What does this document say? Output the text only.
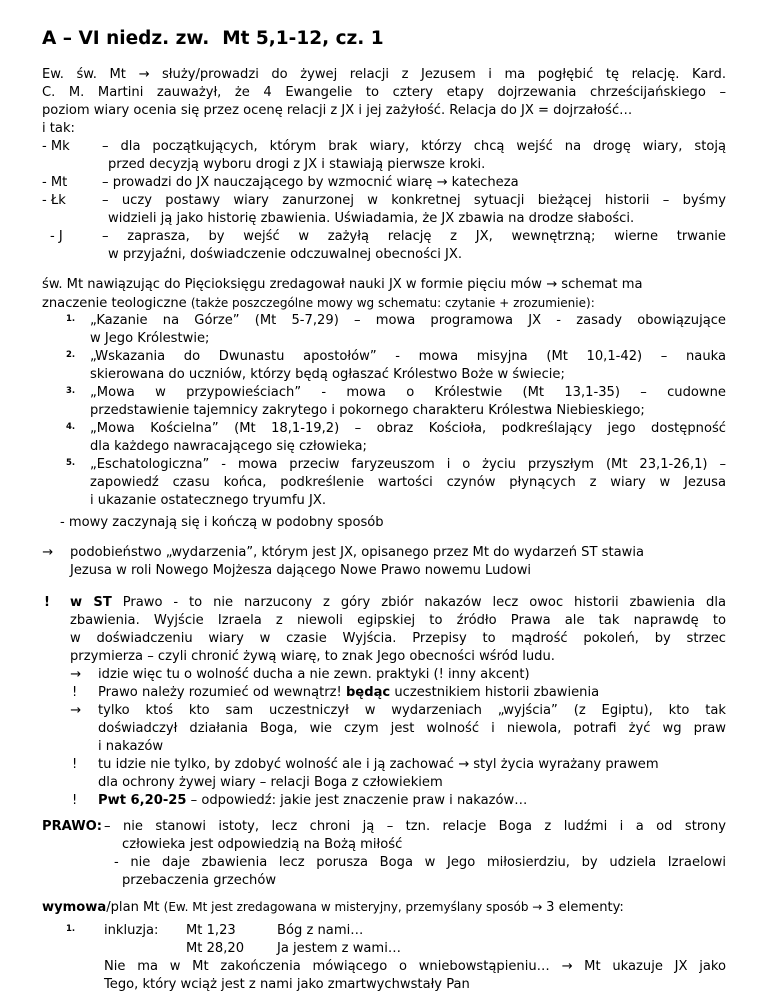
A – VI niedz. zw.  Mt 5,1-12, cz. 1
Ew. św. Mt → służy/prowadzi do żywej relacji z Jezusem i ma pogłębić tę relację. Kard.
C. M. Martini zauważył, że 4 Ewangelie to cztery etapy dojrzewania chrześcijańskiego –
poziom wiary ocenia się przez ocenę relacji z JX i jej zażyłość. Relacja do JX = dojrzałość…
i tak:
- Mk – dla początkujących, którym brak wiary, którzy chcą wejść na drogę wiary, stoją
przed decyzją wyboru drogi z JX i stawiają pierwsze kroki.
- Mt	– prowadzi do JX nauczającego by wzmocnić wiarę → katecheza
- Łk	– uczy postawy wiary zanurzonej w konkretnej sytuacji bieżącej historii – byśmy
widzieli ją jako historię zbawienia. Uświadamia, że JX zbawia na drodze słabości.
- J	– zaprasza, by wejść w zażyłą relację z JX, wewnętrzną; wierne trwanie
w przyjaźni, doświadczenie odczuwalnej obecności JX.
św. Mt nawiązując do Pięcioksięgu zredagował nauki JX w formie pięciu mów → schemat ma
znaczenie teologiczne (także poszczególne mowy wg schematu: czytanie + zrozumienie):
1. „Kazanie na Górze” (Mt 5-7,29) – mowa programowa JX - zasady obowiązujące
w Jego Królestwie;
2. „Wskazania do Dwunastu apostołów” - mowa misyjna (Mt 10,1-42) – nauka
skierowana do uczniów, którzy będą ogłaszać Królestwo Boże w świecie;
3. „Mowa w przypowieściach” - mowa o Królestwie (Mt 13,1-35) – cudowne
przedstawienie tajemnicy zakrytego i pokornego charakteru Królestwa Niebieskiego;
4. „Mowa Kościelna” (Mt 18,1-19,2) – obraz Kościoła, podkreślający jego dostępność
dla każdego nawracającego się człowieka;
5. „Eschatologiczna” - mowa przeciw faryzeuszom i o życiu przyszłym (Mt 23,1-26,1) –
zapowiedź czasu końca, podkreślenie wartości czynów płynących z wiary w Jezusa
i ukazanie ostatecznego tryumfu JX.
- mowy zaczynają się i kończą w podobny sposób
→ podobieństwo „wydarzenia”, którym jest JX, opisanego przez Mt do wydarzeń ST stawia
Jezusa w roli Nowego Mojżesza dającego Nowe Prawo nowemu Ludowi
! w ST Prawo - to nie narzucony z góry zbiór nakazów lecz owoc historii zbawienia dla
zbawienia. Wyjście Izraela z niewoli egipskiej to źródło Prawa ale tak naprawdę to
w doświadczeniu wiary w czasie Wyjścia. Przepisy to mądrość pokoleń, by strzec
przymierza – czyli chronić żywą wiarę, to znak Jego obecności wśród ludu.
→ idzie więc tu o wolność ducha a nie zewn. praktyki (! inny akcent)
! Prawo należy rozumieć od wewnątrz! będąc uczestnikiem historii zbawienia
→ tylko ktoś kto sam uczestniczył w wydarzeniach „wyjścia” (z Egiptu), kto tak
doświadczył działania Boga, wie czym jest wolność i niewola, potrafi żyć wg praw
i nakazów
! tu idzie nie tylko, by zdobyć wolność ale i ją zachować → styl życia wyrażany prawem
dla ochrony żywej wiary – relacji Boga z człowiekiem
! Pwt 6,20-25 – odpowiedź: jakie jest znaczenie praw i nakazów…
PRAWO: – nie stanowi istoty, lecz chroni ją – tzn. relacje Boga z ludźmi i a od strony
człowieka jest odpowiedzią na Bożą miłość
- nie daje zbawienia lecz porusza Boga w Jego miłosierdziu, by udziela Izraelowi
przebaczenia grzechów
wymowa/plan Mt (Ew. Mt jest zredagowana w misteryjny, przemyślany sposób → 3 elementy:
1. inkluzja: Mt 1,23	Bóg z nami…
Mt 28,20	Ja jestem z wami…
Nie ma w Mt zakończenia mówiącego o wniebowstąpieniu… → Mt ukazuje JX jako
Tego, który wciąż jest z nami jako zmartwychwstały Pan
